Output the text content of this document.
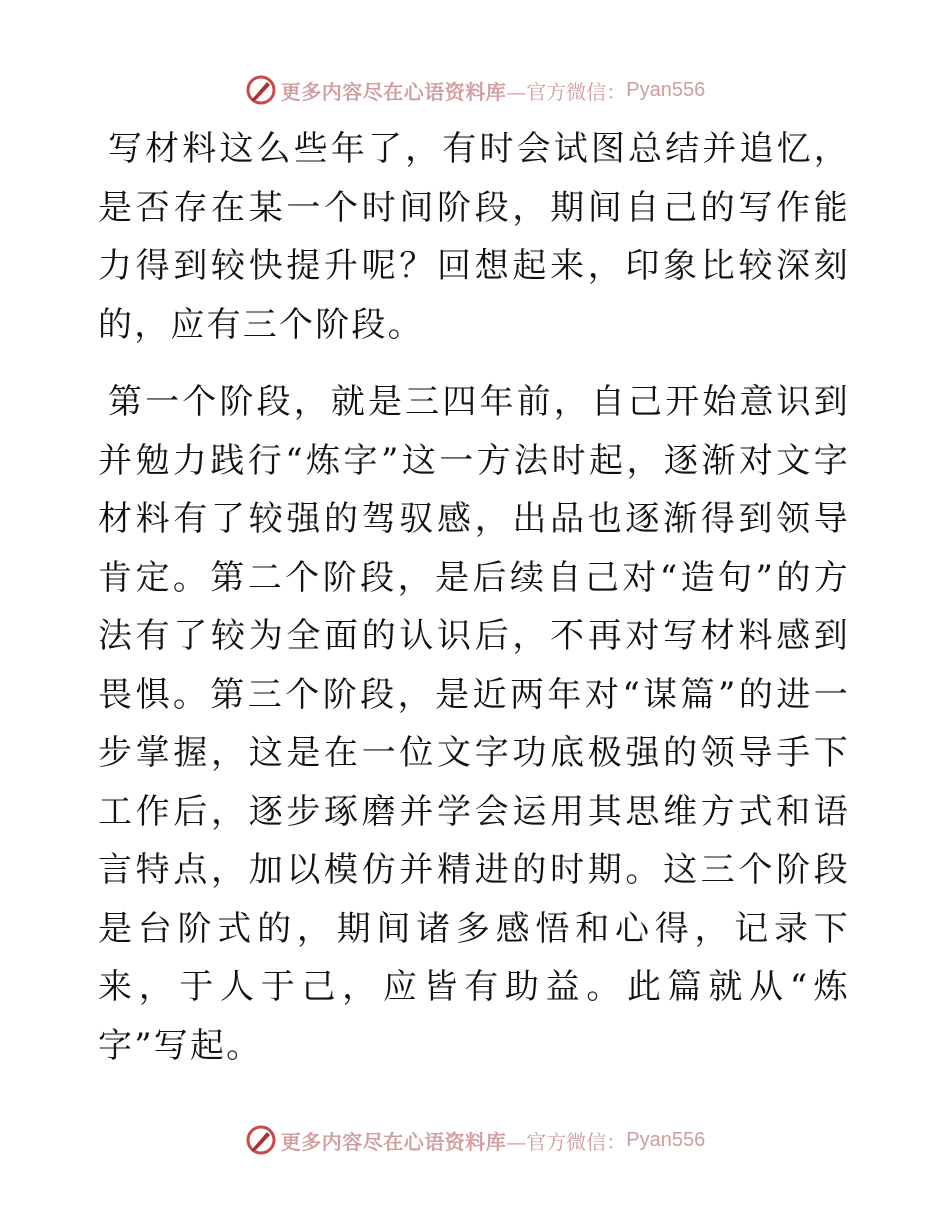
更多内容尽在心语资料库 —官方微信： Pyan556

写材料这么些年了，有时会试图总结并追忆，是否存在某一个时间阶段，期间自己的写作能力得到较快提升呢？回想起来，印象比较深刻的，应有三个阶段。

第一个阶段，就是三四年前，自己开始意识到并勉力践行“炼字”这一方法时起，逐渐对文字材料有了较强的驾驭感，出品也逐渐得到领导肯定。第二个阶段，是后续自己对“造句”的方法有了较为全面的认识后，不再对写材料感到畏惧。第三个阶段，是近两年对“谋篇”的进一步掌握，这是在一位文字功底极强的领导手下工作后，逐步琢磨并学会运用其思维方式和语言特点，加以模仿并精进的时期。这三个阶段是台阶式的，期间诸多感悟和心得，记录下来，于人于己，应皆有助益。此篇就从“炼字”写起。

更多内容尽在心语资料库 —官方微信： Pyan556
